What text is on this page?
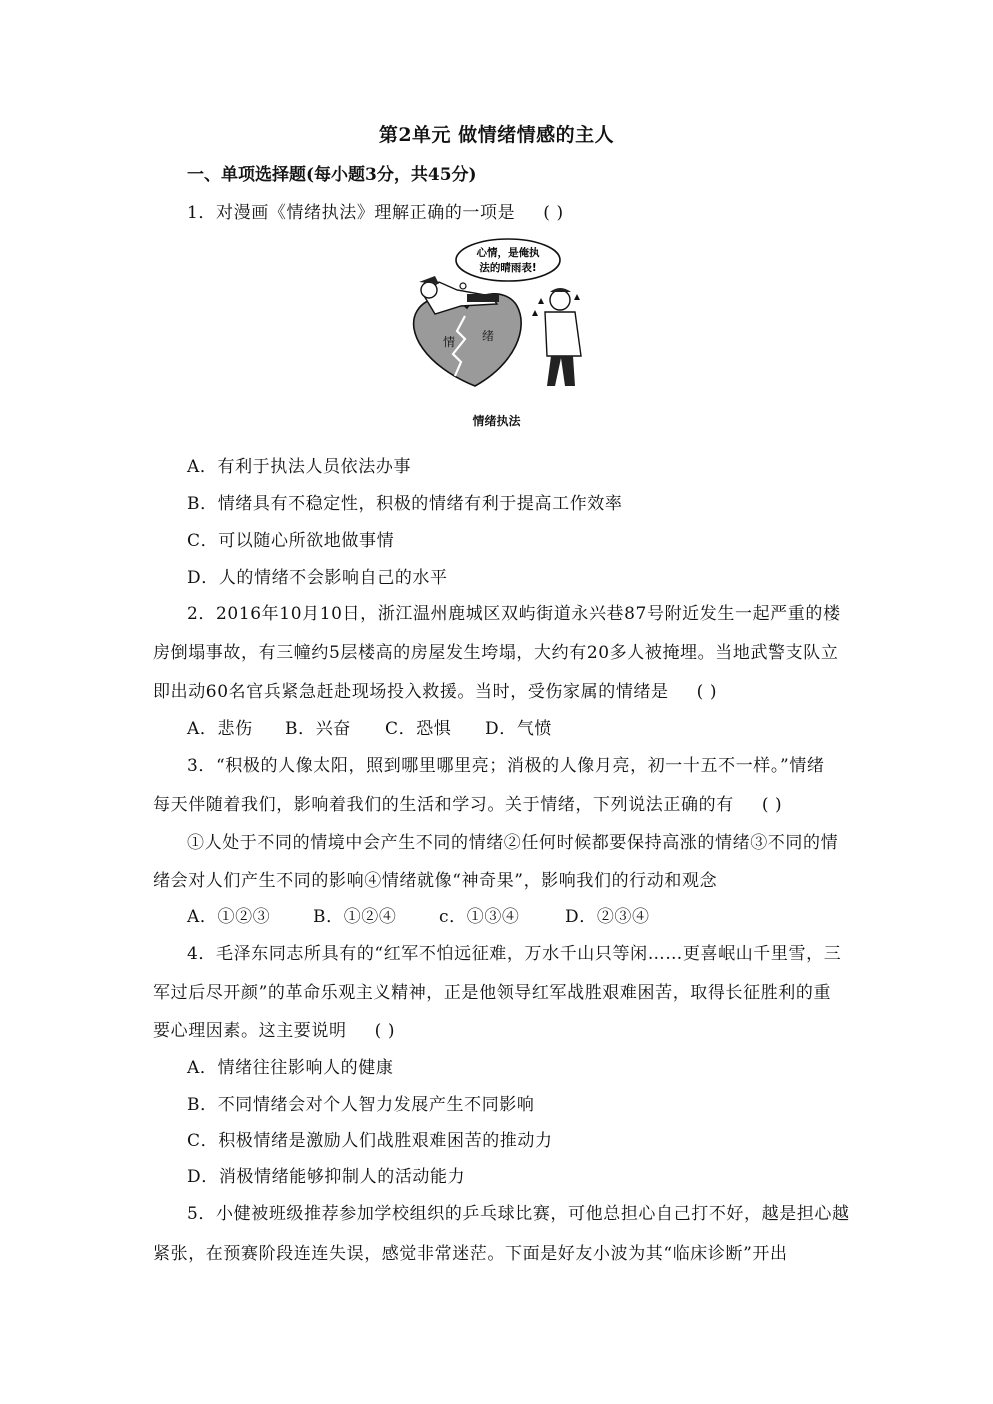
第2单元 做情绪情感的主人
一、单项选择题(每小题3分，共45分)
1．对漫画《情绪执法》理解正确的一项是 ( )
心情，是俺执
法的晴雨表!
情 绪
情绪执法
A．有利于执法人员依法办事
B．情绪具有不稳定性，积极的情绪有利于提高工作效率
C．可以随心所欲地做事情
D．人的情绪不会影响自己的水平
2．2016年10月10日，浙江温州鹿城区双屿街道永兴巷87号附近发生一起严重的楼
房倒塌事故，有三幢约5层楼高的房屋发生垮塌，大约有20多人被掩埋。当地武警支队立
即出动60名官兵紧急赶赴现场投入救援。当时，受伤家属的情绪是 ( )
A．悲伤 B．兴奋 C．恐惧 D．气愤
3．“积极的人像太阳，照到哪里哪里亮；消极的人像月亮，初一十五不一样。”情绪
每天伴随着我们，影响着我们的生活和学习。关于情绪，下列说法正确的有 ( )
①人处于不同的情境中会产生不同的情绪②任何时候都要保持高涨的情绪③不同的情
绪会对人们产生不同的影响④情绪就像“神奇果”，影响我们的行动和观念
A．①②③	B．①②④	c．①③④	D．②③④
4．毛泽东同志所具有的“红军不怕远征难，万水千山只等闲……更喜岷山千里雪，三
军过后尽开颜”的革命乐观主义精神，正是他领导红军战胜艰难困苦，取得长征胜利的重
要心理因素。这主要说明 ( )
A．情绪往往影响人的健康
B．不同情绪会对个人智力发展产生不同影响
C．积极情绪是激励人们战胜艰难困苦的推动力
D．消极情绪能够抑制人的活动能力
5．小健被班级推荐参加学校组织的乒乓球比赛，可他总担心自己打不好，越是担心越
紧张，在预赛阶段连连失误，感觉非常迷茫。下面是好友小波为其“临床诊断”开出
